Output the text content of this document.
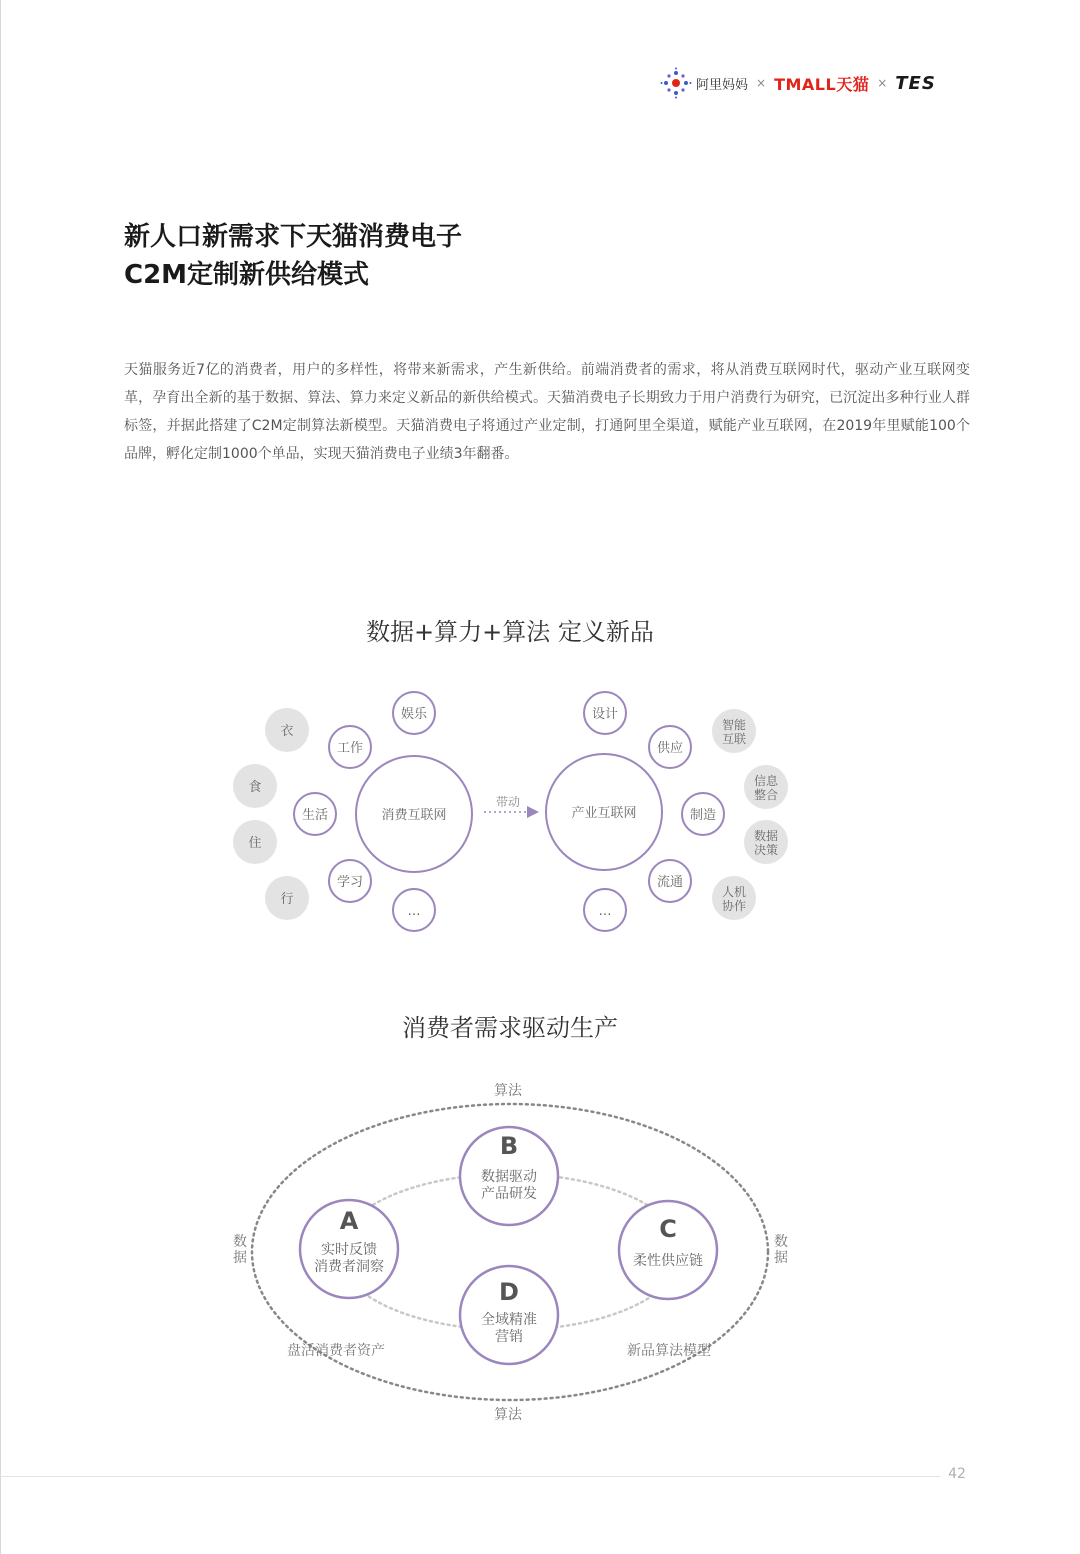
阿里妈妈 × TMALL天猫 × TES
新人口新需求下天猫消费电子
C2M定制新供给模式
天猫服务近7亿的消费者，用户的多样性，将带来新需求，产生新供给。前端消费者的需求，将从消费互联网时代，驱动产业互联网变革，孕育出全新的基于数据、算法、算力来定义新品的新供给模式。天猫消费电子长期致力于用户消费行为研究，已沉淀出多种行业人群标签，并据此搭建了C2M定制算法新模型。天猫消费电子将通过产业定制，打通阿里全渠道，赋能产业互联网，在2019年里赋能100个品牌，孵化定制1000个单品，实现天猫消费电子业绩3年翻番。
数据+算力+算法 定义新品
消费者需求驱动生产
衣
食
住
行
消费互联网
娱乐
工作
生活
学习
…
带动
产业互联网
设计
供应
制造
流通
…
智能
互联
信息
整合
数据
决策
人机
协作
算法
算法
数
据
数
据
盘活消费者资产	新品算法模型
B
数据驱动
产品研发
A
实时反馈
消费者洞察
C
柔性供应链
D
全域精准
营销
42
